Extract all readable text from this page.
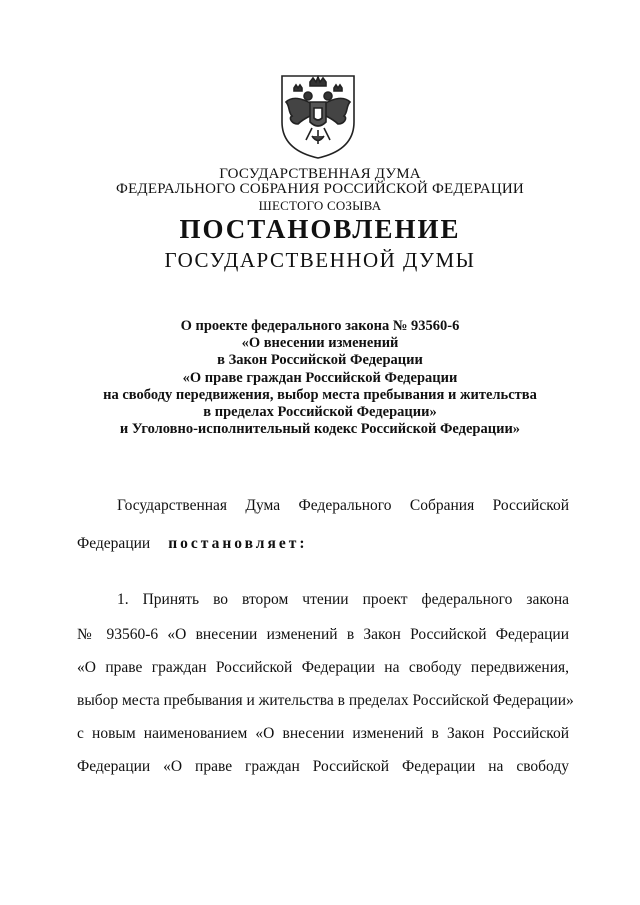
ГОСУДАРСТВЕННАЯ ДУМА
ФЕДЕРАЛЬНОГО СОБРАНИЯ РОССИЙСКОЙ ФЕДЕРАЦИИ
ШЕСТОГО СОЗЫВА
ПОСТАНОВЛЕНИЕ
ГОСУДАРСТВЕННОЙ ДУМЫ
О проекте федерального закона № 93560-6
«О внесении изменений
в Закон Российской Федерации
«О праве граждан Российской Федерации
на свободу передвижения, выбор места пребывания и жительства
в пределах Российской Федерации»
и Уголовно-исполнительный кодекс Российской Федерации»
Государственная Дума Федерального Собрания Российской
Федерации постановляет:
1. Принять во втором чтении проект федерального закона
№ 93560-6 «О внесении изменений в Закон Российской Федерации
«О праве граждан Российской Федерации на свободу передвижения,
выбор места пребывания и жительства в пределах Российской Федерации»
с новым наименованием «О внесении изменений в Закон Российской
Федерации «О праве граждан Российской Федерации на свободу
